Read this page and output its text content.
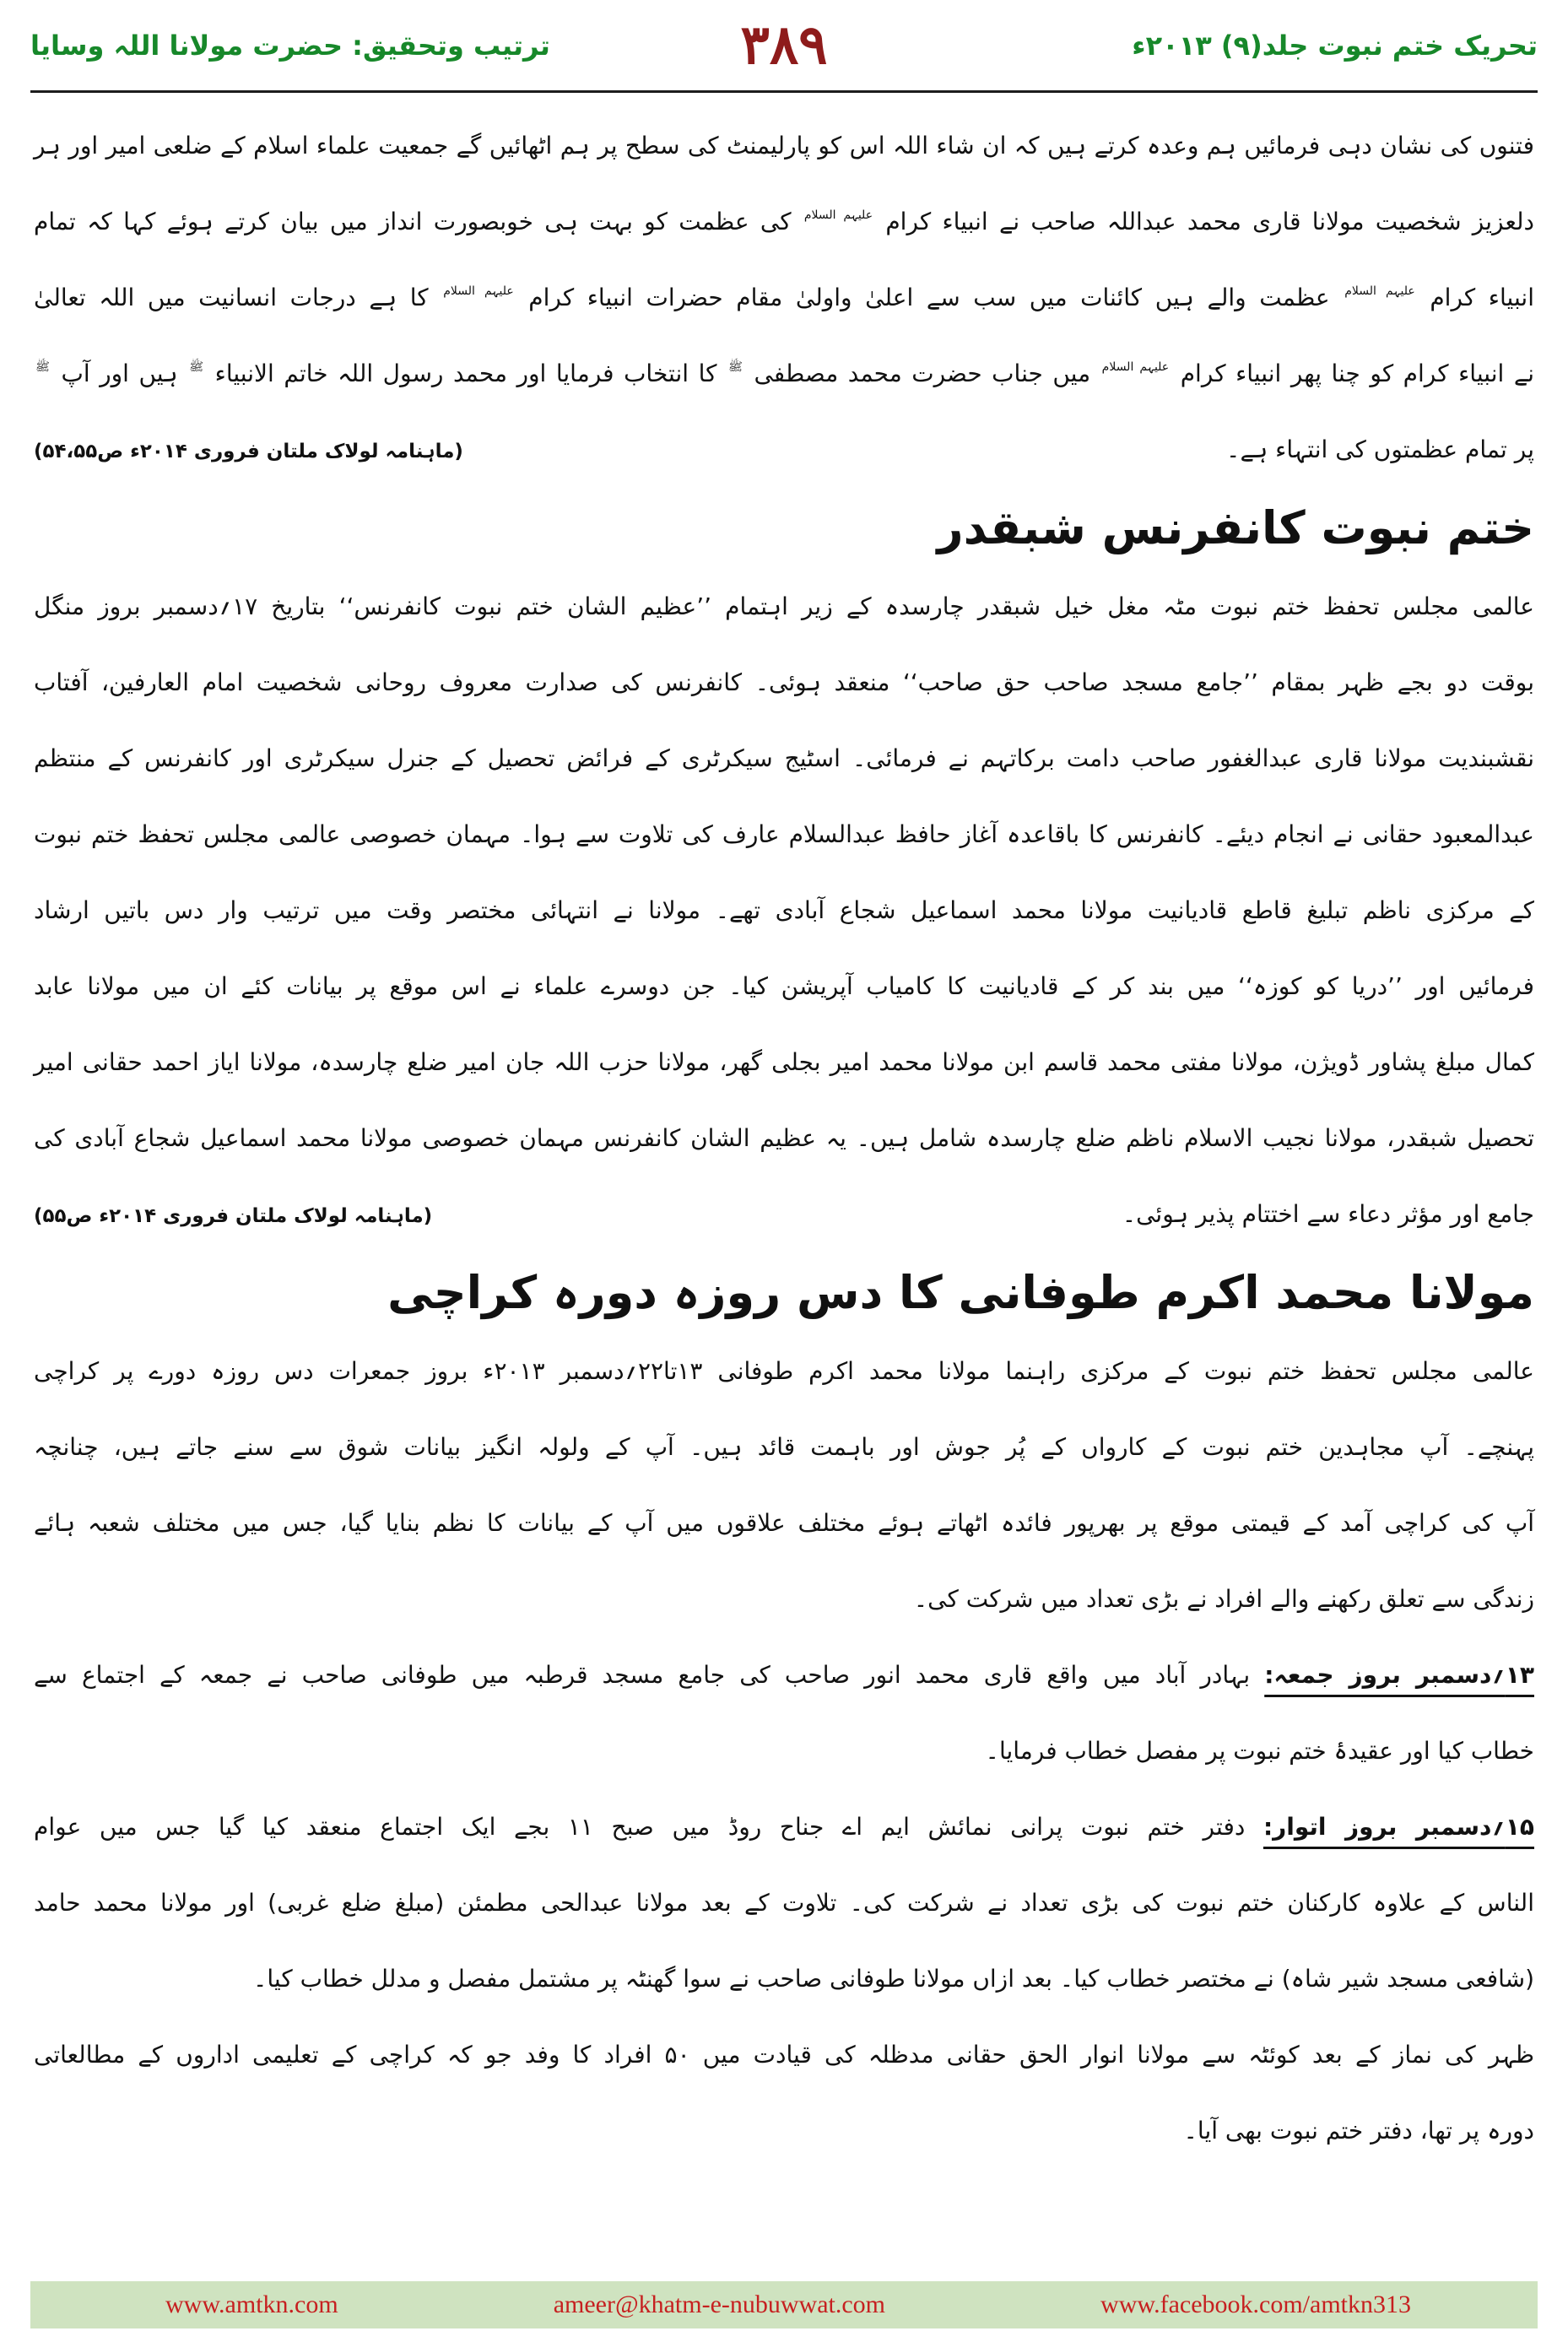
تحریک ختم نبوت جلد(۹) ۲۰۱۳ء
۳۸۹
ترتیب وتحقیق: حضرت مولانا اللہ وسایا
فتنوں کی نشان دہی فرمائیں ہم وعدہ کرتے ہیں کہ ان شاء اللہ اس کو پارلیمنٹ کی سطح پر ہم اٹھائیں گے جمعیت علماء اسلام کے ضلعی امیر اور ہر
دلعزیز شخصیت مولانا قاری محمد عبداللہ صاحب نے انبیاء کرام $^{علیہم السلام}$ کی عظمت کو بہت ہی خوبصورت انداز میں بیان کرتے ہوئے کہا کہ تمام
انبیاء کرام $^{علیہم السلام}$ عظمت والے ہیں کائنات میں سب سے اعلیٰ واولیٰ مقام حضرات انبیاء کرام $^{علیہم السلام}$ کا ہے درجات انسانیت میں اللہ تعالیٰ
نے انبیاء کرام کو چنا پھر انبیاء کرام $^{علیہم السلام}$ میں جناب حضرت محمد مصطفی $^ﷺ$ کا انتخاب فرمایا اور محمد رسول اللہ خاتم الانبیاء $^ﷺ$ ہیں اور آپ $^ﷺ$
پر تمام عظمتوں کی انتہاء ہے۔
(ماہنامہ لولاک ملتان فروری ۲۰۱۴ء ص۵۴،۵۵)
ختم نبوت کانفرنس شبقدر
عالمی مجلس تحفظ ختم نبوت مٹہ مغل خیل شبقدر چارسدہ کے زیر اہتمام ’’عظیم الشان ختم نبوت کانفرنس‘‘ بتاریخ ۱۷؍دسمبر بروز منگل
بوقت دو بجے ظہر بمقام ’’جامع مسجد صاحب حق صاحب‘‘ منعقد ہوئی۔ کانفرنس کی صدارت معروف روحانی شخصیت امام العارفین، آفتاب
نقشبندیت مولانا قاری عبدالغفور صاحب دامت برکاتہم نے فرمائی۔ اسٹیج سیکرٹری کے فرائض تحصیل کے جنرل سیکرٹری اور کانفرنس کے منتظم
عبدالمعبود حقانی نے انجام دیئے۔ کانفرنس کا باقاعدہ آغاز حافظ عبدالسلام عارف کی تلاوت سے ہوا۔ مہمان خصوصی عالمی مجلس تحفظ ختم نبوت
کے مرکزی ناظم تبلیغ قاطع قادیانیت مولانا محمد اسماعیل شجاع آبادی تھے۔ مولانا نے انتہائی مختصر وقت میں ترتیب وار دس باتیں ارشاد
فرمائیں اور ’’دریا کو کوزہ‘‘ میں بند کر کے قادیانیت کا کامیاب آپریشن کیا۔ جن دوسرے علماء نے اس موقع پر بیانات کئے ان میں مولانا عابد
کمال مبلغ پشاور ڈویژن، مولانا مفتی محمد قاسم ابن مولانا محمد امیر بجلی گھر، مولانا حزب اللہ جان امیر ضلع چارسدہ، مولانا ایاز احمد حقانی امیر
تحصیل شبقدر، مولانا نجیب الاسلام ناظم ضلع چارسدہ شامل ہیں۔ یہ عظیم الشان کانفرنس مہمان خصوصی مولانا محمد اسماعیل شجاع آبادی کی
جامع اور مؤثر دعاء سے اختتام پذیر ہوئی۔
(ماہنامہ لولاک ملتان فروری ۲۰۱۴ء ص۵۵)
مولانا محمد اکرم طوفانی کا دس روزہ دورہ کراچی
عالمی مجلس تحفظ ختم نبوت کے مرکزی راہنما مولانا محمد اکرم طوفانی ۱۳تا۲۲؍دسمبر ۲۰۱۳ء بروز جمعرات دس روزہ دورے پر کراچی
پہنچے۔ آپ مجاہدین ختم نبوت کے کارواں کے پُر جوش اور باہمت قائد ہیں۔ آپ کے ولولہ انگیز بیانات شوق سے سنے جاتے ہیں، چنانچہ
آپ کی کراچی آمد کے قیمتی موقع پر بھرپور فائدہ اٹھاتے ہوئے مختلف علاقوں میں آپ کے بیانات کا نظم بنایا گیا، جس میں مختلف شعبہ ہائے
زندگی سے تعلق رکھنے والے افراد نے بڑی تعداد میں شرکت کی۔
۱۳؍دسمبر بروز جمعہ: بہادر آباد میں واقع قاری محمد انور صاحب کی جامع مسجد قرطبہ میں طوفانی صاحب نے جمعہ کے اجتماع سے
خطاب کیا اور عقیدۂ ختم نبوت پر مفصل خطاب فرمایا۔
۱۵؍دسمبر بروز اتوار: دفتر ختم نبوت پرانی نمائش ایم اے جناح روڈ میں صبح ۱۱ بجے ایک اجتماع منعقد کیا گیا جس میں عوام
الناس کے علاوہ کارکنان ختم نبوت کی بڑی تعداد نے شرکت کی۔ تلاوت کے بعد مولانا عبدالحی مطمئن (مبلغ ضلع غربی) اور مولانا محمد حامد
(شافعی مسجد شیر شاہ) نے مختصر خطاب کیا۔ بعد ازاں مولانا طوفانی صاحب نے سوا گھنٹہ پر مشتمل مفصل و مدلل خطاب کیا۔
ظہر کی نماز کے بعد کوئٹہ سے مولانا انوار الحق حقانی مدظلہ کی قیادت میں ۵۰ افراد کا وفد جو کہ کراچی کے تعلیمی اداروں کے مطالعاتی
دورہ پر تھا، دفتر ختم نبوت بھی آیا۔
www.amtkn.com	ameer@khatm-e-nubuwwat.com	www.facebook.com/amtkn313
